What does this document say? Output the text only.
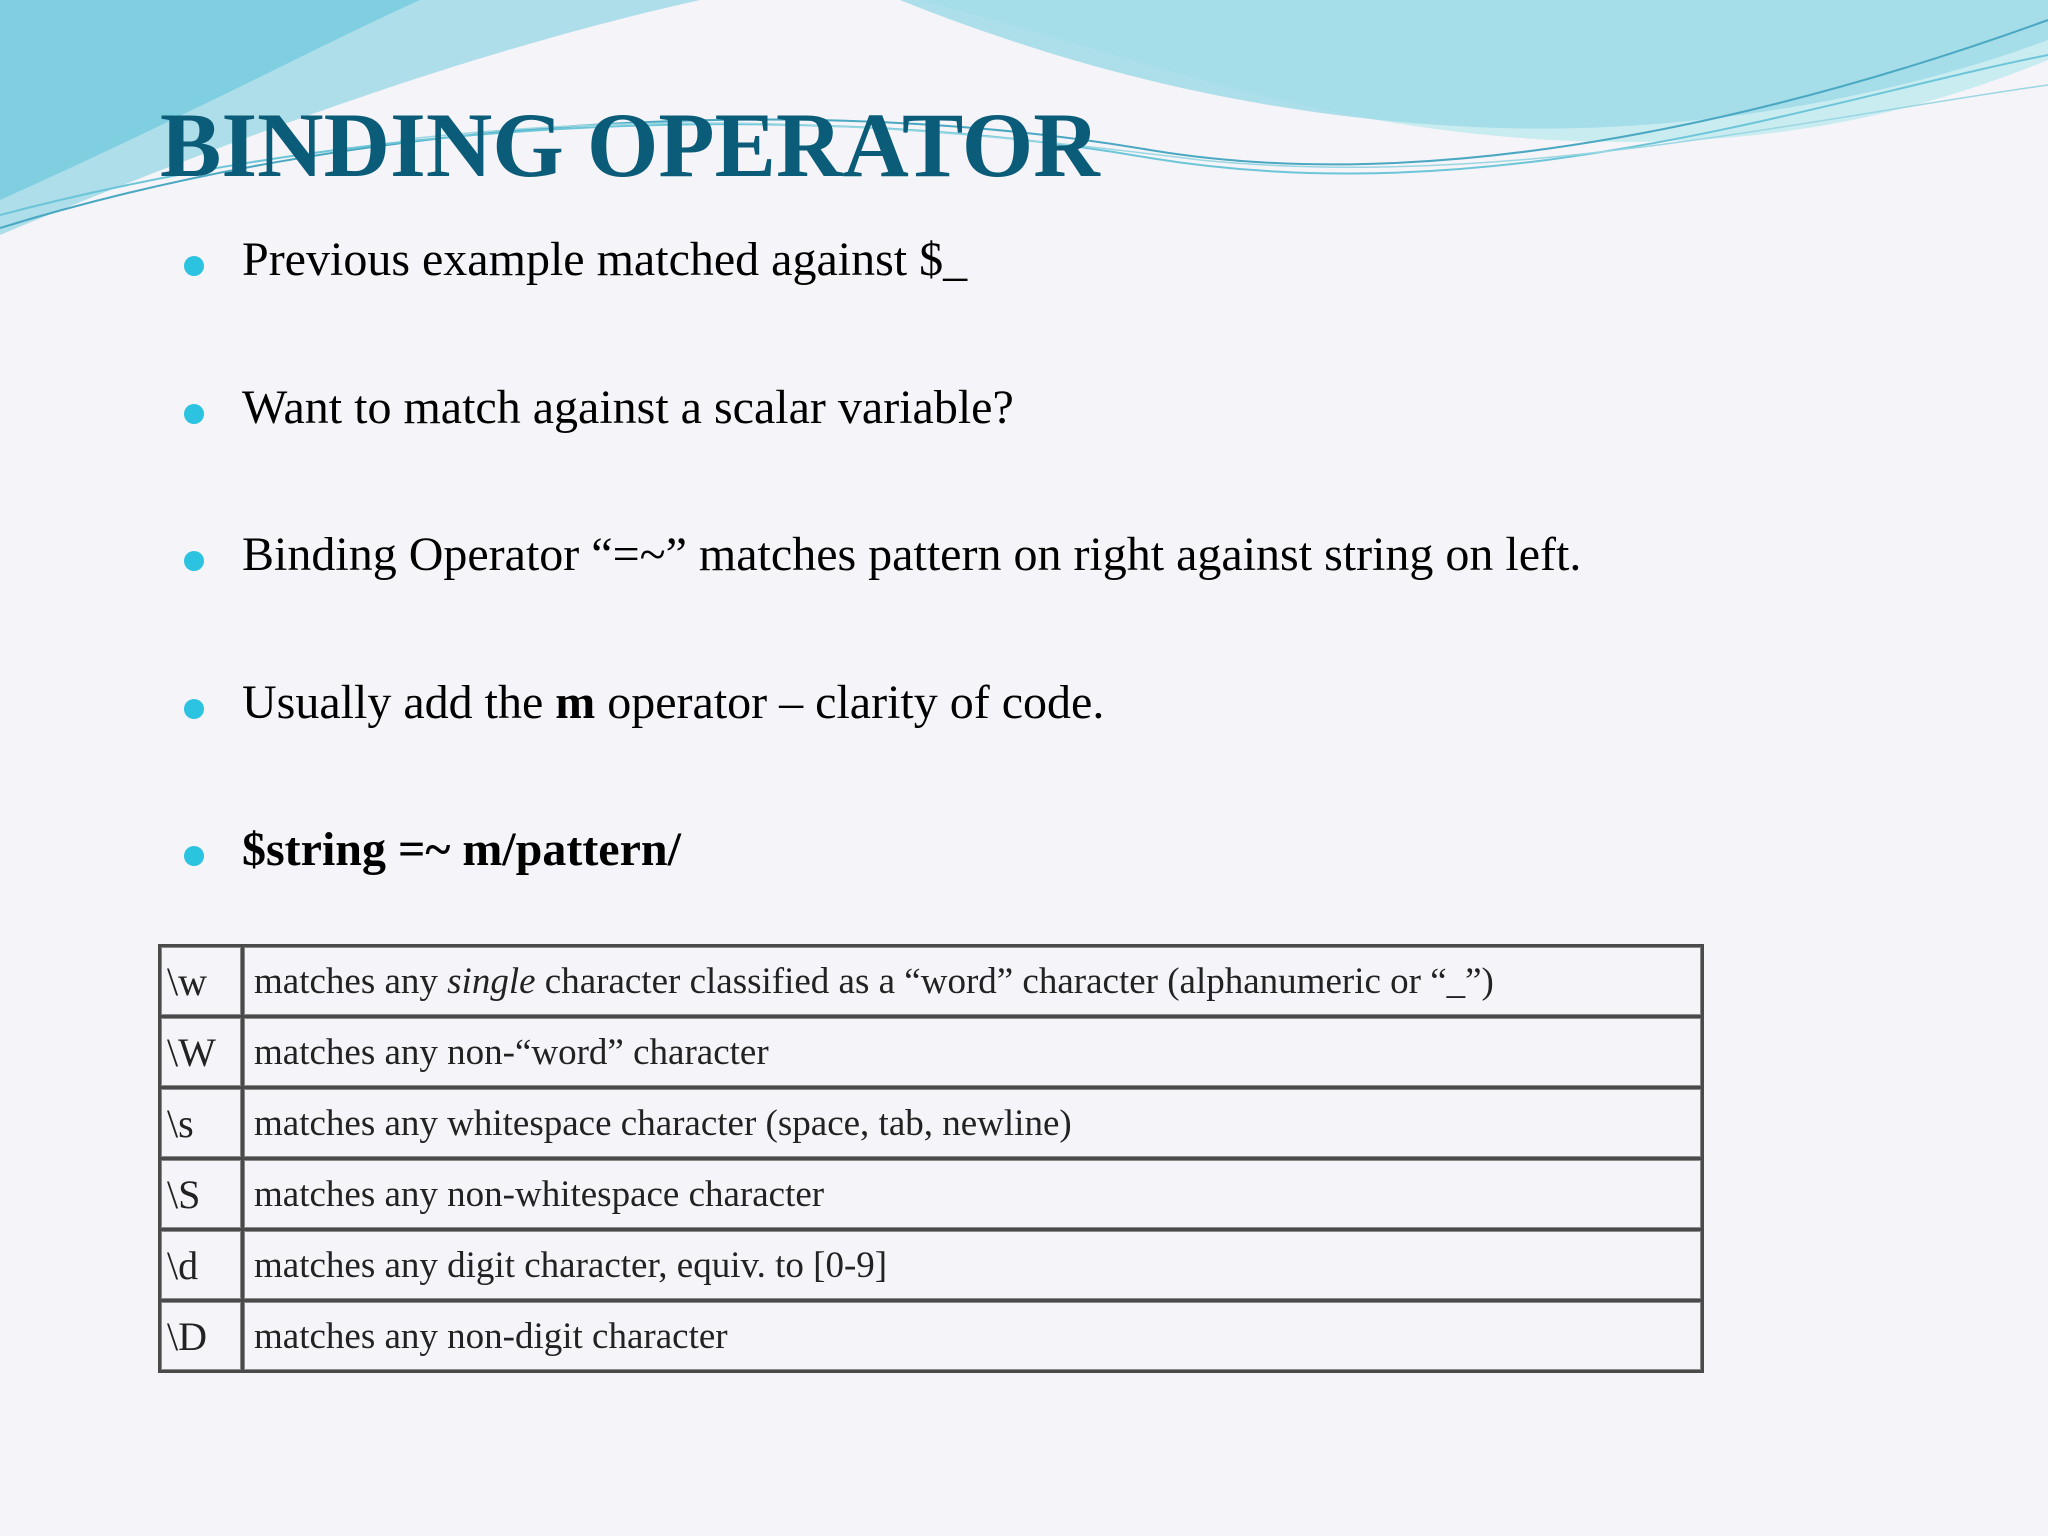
BINDING OPERATOR
Previous example matched against $_
Want to match against a scalar variable?
Binding Operator “=~” matches pattern on right against string on left.
Usually add the m operator – clarity of code.
$string =~ m/pattern/
\w	matches any single character classified as a “word” character (alphanumeric or “_”)
\W	matches any non-“word” character
\s	matches any whitespace character (space, tab, newline)
\S	matches any non-whitespace character
\d	matches any digit character, equiv. to [0-9]
\D	matches any non-digit character
